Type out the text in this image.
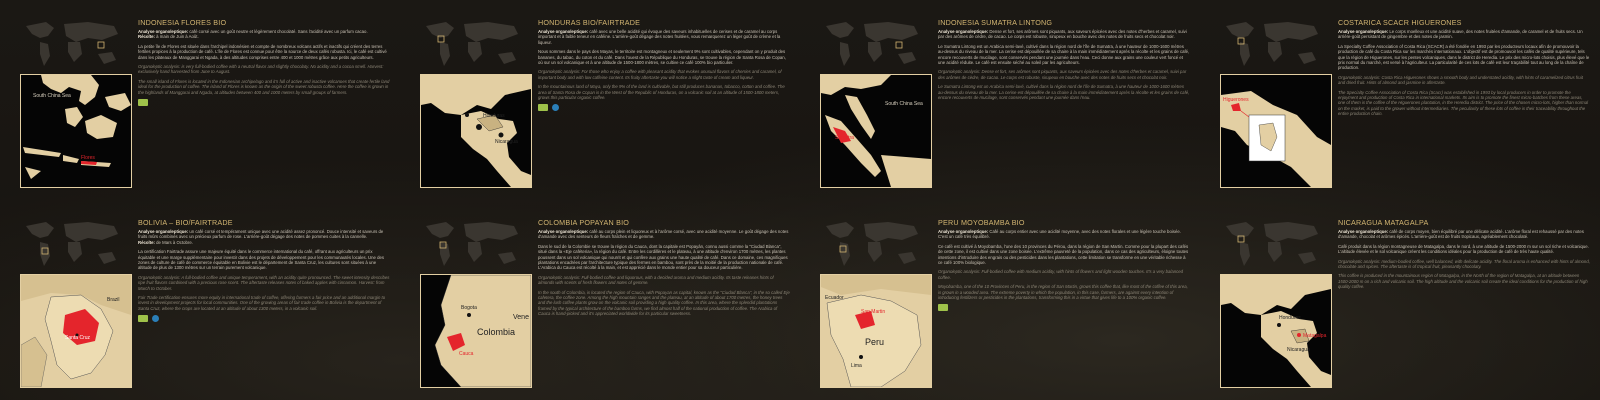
South China Sea
Flores
INDONESIA FLORES BIO

Analyse organoleptique: café corsé avec un goût neutre et légèrement chocolaté. Sans l'acidité avec un parfum cacao.
Récolte: à main de Juin à Août.

La petite île de Flores est située dans l'archipel indonésien et compte de nombreux volcans actifs et inactifs qui créent des terres fertiles propices à la production de café. L'île de Flores est connue pour être la source de deux cafés robusta. Ici, le café est cultivé dans les plateaux de Manggarai et Ngada, à des altitudes comprises entre 400 et 1000 mètres grâce aux petits agriculteurs.

Organoleptic analysis: is very full-bodied coffee with a neutral flavor and slightly chocolaty. No acidity and a cocoa smell. Harvest: exclusively hand harvested from June to August.

The small island of Flores is located in the Indonesian archipelago and it's full of active and inactive volcanoes that create fertile land ideal for the production of coffee. The island of Flores is known as the origin of the sweet robusta coffee. Here the coffee is grown in the highlands of Manggarai and Ngada, at altitudes between 400 and 1000 meters by small groups of farmers.

Honduras
Nicaragua
HONDURAS BIO/FAIRTRADE

Analyse organoleptique: café avec une belle acidité qui évoque des saveurs inhabituelles de cerises et de caramel au corps important et à faible teneur en caféine. L'arrière-goût dégage des notes fruitées, vous remarquerez un léger goût de crème et la liqueur.

Nous sommes dans le pays des Mayas, le territoire est montagneux et seulement 9% sont cultivables, cependant on y produit des bananes, du tabac, du coton et du café. Dans l'ouest de la République du Honduras, se trouve la région de Santa Rosa de Copan, où sur un sol volcanique et à une altitude de 1500-1800 mètres, se cultive ce café 100% bio particulier.

Organoleptic analysis: For those who enjoy a coffee with pleasant acidity that evokes unusual flavors of cherries and caramel, of important body and with low caffeine content. Its fruity aftertaste you will notice a slight taste of cream and liqueur.

In the mountainous land of Maya, only the 9% of the land is cultivable, but still produces bananas, tobacco, cotton and coffee. The area of Santa Rosa de Copan is in the West of the Republic of Honduras, on a volcanic soil at an altitude of 1500-1800 meters, grows this particular organic coffee.

South China Sea
Sumatra
INDONESIA SUMATRA LINTONG

Analyse organoleptique: Dense et fort, ses arômes sont piquants, aux saveurs épicées avec des notes d'herbes et caramel, suivi par des arômes de cèdre, de cacao. Le corps est robuste, sirupeux en bouche avec des notes de fruits secs et chocolat noir.

Le Sumatra Lintong est un Arabica semi-lavé, cultivé dans la région nord de l'île de Sumatra, à une hauteur de 1000-1600 mètres au-dessus du niveau de la mer. La cerise est dépouillée de sa chaire à la main immédiatement après la récolte et les grains de café, encore recouverts de mucilage, sont conservés pendant une journée dans l'eau. Ceci donne aux grains une couleur vert foncé et une acidité réduite. Le café est ensuite séché au soleil par les agriculteurs.

Organoleptic analysis: Dense et fort, ses arômes sont piquants, aux saveurs épicées avec des notes d'herbes et caramel, suivi par des arômes de cèdre, de cacao. Le corps est robuste, sirupeux en bouche avec des notes de fruits secs et chocolat noir.

Le Sumatra Lintong est un Arabica semi-lavé, cultivé dans la région nord de l'île de Sumatra, à une hauteur de 1000-1600 mètres au-dessus du niveau de la mer. La cerise est dépouillée de sa chaire à la main immédiatement après la récolte et les grains de café, encore recouverts de mucilage, sont conservés pendant une journée dans l'eau.	Higuerones
COSTARICA SCACR HIGUERONES

Analyse organoleptique: Le corps moelleux et une acidité suave, des notes fruitées d'amande, de caramel et de fruits secs. Un arrière-goût persistant de gingembre et des notes de jasmin.

La Specialty Coffee Association of Costa Rica (SCACR) a été fondée en 1993 par les producteurs locaux afin de promouvoir la production de café du Costa Rica sur les marchés internationaux. L'objectif est de promouvoir les cafés de qualité supérieure, tels que la région de Higuerones, sur les pentes volcaniques, dans le district de Heredia. Le prix des micro-lots choisis, plus élevé que le prix normal du marché, est versé à l'agriculteur. La particularité de ces lots de café est leur traçabilité tout au long de la chaîne de production.

Organoleptic analysis: Costa Rica Higuerones shows a smooth body and understated acidity, with hints of caramelized citrus fruit and dried fruit. Hints of almond and jasmine in aftertaste.

The Specialty Coffee Association of Costa Rica (Scacr) was established in 1993 by local producers in order to promote the enjoyment and production of Costa Rica in international markets. Its aim is to promote the finest micro-batches from these areas, one of them is the coffee of the Higuerones plantation, in the Heredia district. The price of the chosen micro-lots, higher than normal on the market, is paid to the grower without intermediaries. The peculiarity of these lots of coffee is their traceability throughout the entire production chain.

Brazil
Santa Cruz
BOLIVIA – BIO/FAIRTRADE

Analyse organoleptique: un café corsé et tempérament unique avec une acidité assez prononcé. Douce intensité et saveurs de fruits mûrs combinés avec un précieux parfum de rose. L'arrière-goût dégage des notes de pommes cuites à la cannelle.
Récolte: de Mars à Octobre.

La certification Fairtrade assure une majeure équité dans le commerce international du café, offrant aux agriculteurs un prix équitable et une marge supplémentaire pour investir dans des projets de développement pour les communautés locales. Une des zones de culture de café de commerce équitable en Bolivie est le département de Santa Cruz, les cultures sont situées à une altitude de plus de 1300 mètres sur un terrain purement volcanique.

Organoleptic analysis: A full-bodied coffee and unique temperament, with an acidity quite pronounced. The sweet intensity describes ripe fruit flavors combined with a precious rose scent. The aftertaste releases notes of baked apples with cinnamon. Harvest: from March to October.

Fair Trade certification ensures more equity in international trade of coffee, offering farmers a fair price and an additional margin to invest in development projects for local communities. One of the growing areas of fair trade coffee in Bolivia is the department of Santa Cruz, where the crops are located at an altitude of about 1300 meters, in a volcanic soil.	Bogota
Colombia
Cauca
Vene
COLOMBIA POPAYAN BIO

Analyse organoleptique: café au corps plein et liquoreux et à l'arôme corsé, avec une acidité moyenne. Le goût dégage des notes d'amande avec des senteurs de fleurs fraîches et de gemme.

Dans le sud de la Colombie se trouve la région du Cauca, dont la capitale est Popayán, connu aussi comme la "Ciudad Blanca", situé dans la «Eje caféteria», la région du café. Entre les cordillères et le plateau, à une altitude d'environ 1700 mètres, les plantes poussent dans un sol volcanique qui nourrit et qui confère aux grains une haute qualité de café. Dans ce domaine, ces magnifiques plantations encadrées par l'architecture typique des fermes en bambou, sont près de la moitié de la production nationale de café. L'Arabica du Cauca est récolté à la main, et est apprécié dans le monde entier pour sa douceur particulière.

Organoleptic analysis: Full-bodied coffee and liquorous, with a decided aroma and medium acidity. Its taste releases hints of almonds with scents of fresh flowers and notes of gemme.

In the south of Colombia, is located the region of Cauca, with Popayan as capital, known as the "Ciudad Blanca", in the so called Eje cafetera, the coffee zone. Among the high mountain ranges and the plateau, at an altitude of about 1700 metres, the honey trees and the lush coffee plants grow on the volcanic soil providing a high quality coffee. In this area, where the splendid plantations framed by the typical architecture of the bamboo farms, we find almost half of the national production of coffee. The Arabica of Cauca is hand-picked and it's appreciated worldwide for its particular sweetness.

Ecuador
San Martin
Peru
Lima
PERU MOYOBAMBA BIO

Analyse organoleptique: Café au corps entier avec une acidité moyenne, avec des notes florales et une légère touche boisée. C'est un café très équilibré.

Ce café est cultivé à Moyobamba, l'une des 10 provinces du Pérou, dans la région de San Martin. Comme pour la plupart des cafés de cette zone, il est cultivé dans une zone boisée. L'extrême pauvreté de la population, dans ce cas des agriculteurs, éloigne toutes intentions d'introduire des engrais ou des pesticides dans les plantations, cette limitation se transforme en une véritable richesse à ce café 100% biologique.

Organoleptic analysis: Full-bodied coffee with medium acidity, with hints of flowers and light wooden touches. It's a very balanced coffee.

Moyobamba, one of the 10 Provinces of Peru, in the region of San Martin, grows this coffee that, like most of the coffee of this area, is grown in a wooded area. The extreme poverty in which the population, in this case, farmers, are against every intention of introducing fertilizers or pesticides in the plantations, transforming this in a virtue that gives life to a 100% organic coffee.

Honduras
Nicaragua
Matagalpa
NICARAGUA MATAGALPA

Analyse organoleptique: café de corps moyen, bien équilibré par une délicate acidité. L'arôme floral est rehaussé par des notes d'amande, chocolat et arômes épicés. L'arrière-goût est de fruits tropicaux, agréablement chocolaté.

Café produit dans la région montagneuse de Matagalpa, dans le nord, à une altitude de 1500-2000 m sur un sol riche et volcanique. L'altitude élevée et le sol volcanique créent les conditions idéales pour la production de café de très haute qualité.

Organoleptic analysis: medium-bodied coffee, well balanced, with delicate acidity. The floral aroma is enhanced with hints of almond, chocolate and spices. The aftertaste is of tropical fruit, pleasantly chocolaty.

This coffee is produced in the mountainous region of Matagalpa, in the North of the region of Matagalpa, at an altitude between 1500-2000 m on a rich and volcanic soil. The high altitude and the volcanic soil create the ideal conditions for the production of high quality coffee.
